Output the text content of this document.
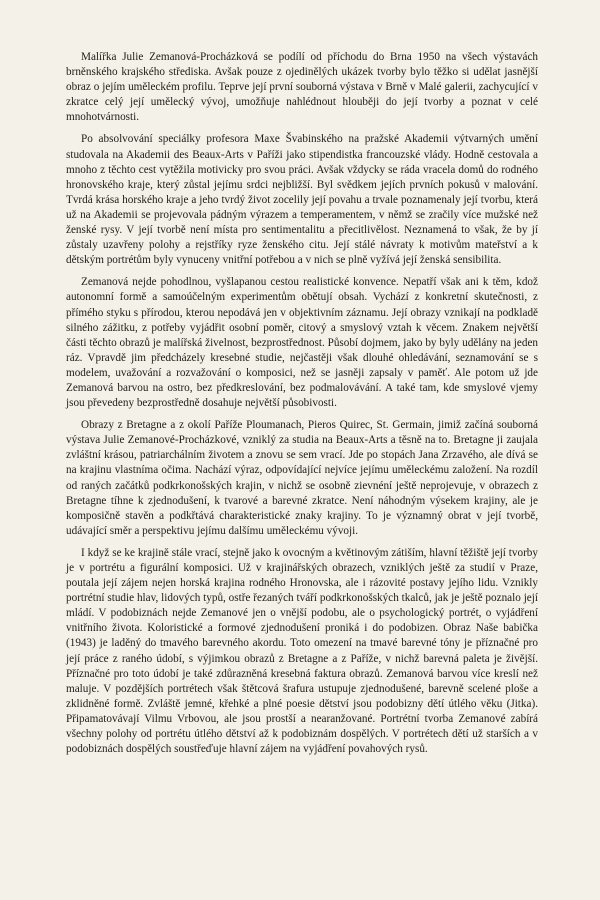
Malířka Julie Zemanová-Procházková se podílí od příchodu do Brna 1950 na všech výstavách brněnského krajského střediska. Avšak pouze z ojedinělých ukázek tvorby bylo těžko si udělat jasnější obraz o jejím uměleckém profilu. Teprve její první souborná výstava v Brně v Malé galerii, zachycující v zkratce celý její umělecký vývoj, umožňuje nahlédnout hlouběji do její tvorby a poznat v celé mnohotvárnosti.

Po absolvování speciálky profesora Maxe Švabinského na pražské Akademii výtvarných umění studovala na Akademii des Beaux-Arts v Paříži jako stipendistka francouzské vlády. Hodně cestovala a mnoho z těchto cest vytěžila motivicky pro svou práci. Avšak vždycky se ráda vracela domů do rodného hronovského kraje, který zůstal jejímu srdci nejbližší. Byl svědkem jejích prvních pokusů v malování. Tvrdá krása horského kraje a jeho tvrdý život zocelily její povahu a trvale poznamenaly její tvorbu, která už na Akademii se projevovala pádným výrazem a temperamentem, v němž se zračily více mužské než ženské rysy. V její tvorbě není místa pro sentimentalitu a přecitlivělost. Neznamená to však, že by jí zůstaly uzavřeny polohy a rejstříky ryze ženského citu. Její stálé návraty k motivům mateřství a k dětským portrétům byly vynuceny vnitřní potřebou a v nich se plně vyžívá její ženská sensibilita.

Zemanová nejde pohodlnou, vyšlapanou cestou realistické konvence. Nepatří však ani k těm, kdož autonomní formě a samoúčelným experimentům obětují obsah. Vychází z konkretní skutečnosti, z přímého styku s přírodou, kterou nepodává jen v objektivním záznamu. Její obrazy vznikají na podkladě silného zážitku, z potřeby vyjádřit osobní poměr, citový a smyslový vztah k věcem. Znakem největší části těchto obrazů je malířská živelnost, bezprostřednost. Působí dojmem, jako by byly udělány na jeden ráz. Vpravdě jim předcházely kresebné studie, nejčastěji však dlouhé ohledávání, seznamování se s modelem, uvažování a rozvažování o komposici, než se jasněji zapsaly v paměť. Ale potom už jde Zemanová barvou na ostro, bez předkreslování, bez podmalovávání. A také tam, kde smyslové vjemy jsou převedeny bezprostředně dosahuje největší působivosti.

Obrazy z Bretagne a z okolí Paříže Ploumanach, Pieros Quirec, St. Germain, jimiž začíná souborná výstava Julie Zemanové-Procházkové, vzniklý za studia na Beaux-Arts a těsně na to. Bretagne ji zaujala zvláštní krásou, patriarchálním životem a znovu se sem vrací. Jde po stopách Jana Zrzavého, ale dívá se na krajinu vlastníma očima. Nachází výraz, odpovídající nejvíce jejímu uměleckému založení. Na rozdíl od raných začátků podkrkonošských krajin, v nichž se osobně zievnéní ještě neprojevuje, v obrazech z Bretagne tíhne k zjednodušení, k tvarové a barevné zkratce. Není náhodným výsekem krajiny, ale je komposičně stavěn a podkřtává charakteristické znaky krajiny. To je významný obrat v její tvorbě, udávající směr a perspektivu jejímu dalšímu uměleckému vývoji.

I když se ke krajině stále vrací, stejně jako k ovocným a květinovým zátiším, hlavní těžiště její tvorby je v portrétu a figurální komposici. Už v krajinářských obrazech, vzniklých ještě za studií v Praze, poutala její zájem nejen horská krajina rodného Hronovska, ale i rázovité postavy jejího lidu. Vznikly portrétní studie hlav, lidových typů, ostře řezaných tváří podkrkonošských tkalců, jak je ještě poznalo její mládí. V podobiznách nejde Zemanové jen o vnější podobu, ale o psychologický portrét, o vyjádření vnitřního života. Koloristické a formové zjednodušení proniká i do podobizen. Obraz Naše babička (1943) je laděný do tmavého barevného akordu. Toto omezení na tmavé barevné tóny je příznačné pro její práce z raného údobí, s výjimkou obrazů z Bretagne a z Paříže, v nichž barevná paleta je živější. Příznačné pro toto údobí je také zdůrazněná kresebná faktura obrazů. Zemanová barvou více kreslí než maluje. V pozdějších portrétech však štětcová šrafura ustupuje zjednodušené, barevně scelené ploše a zklidněné formě. Zvláště jemné, křehké a plné poesie dětství jsou podobizny dětí útlého věku (Jitka). Připamatovávají Vilmu Vrbovou, ale jsou prostší a nearanžované. Portrétní tvorba Zemanové zabírá všechny polohy od portrétu útlého dětství až k podobiznám dospělých. V portrétech dětí už starších a v podobiznách dospělých soustřeďuje hlavní zájem na vyjádření povahových rysů.
